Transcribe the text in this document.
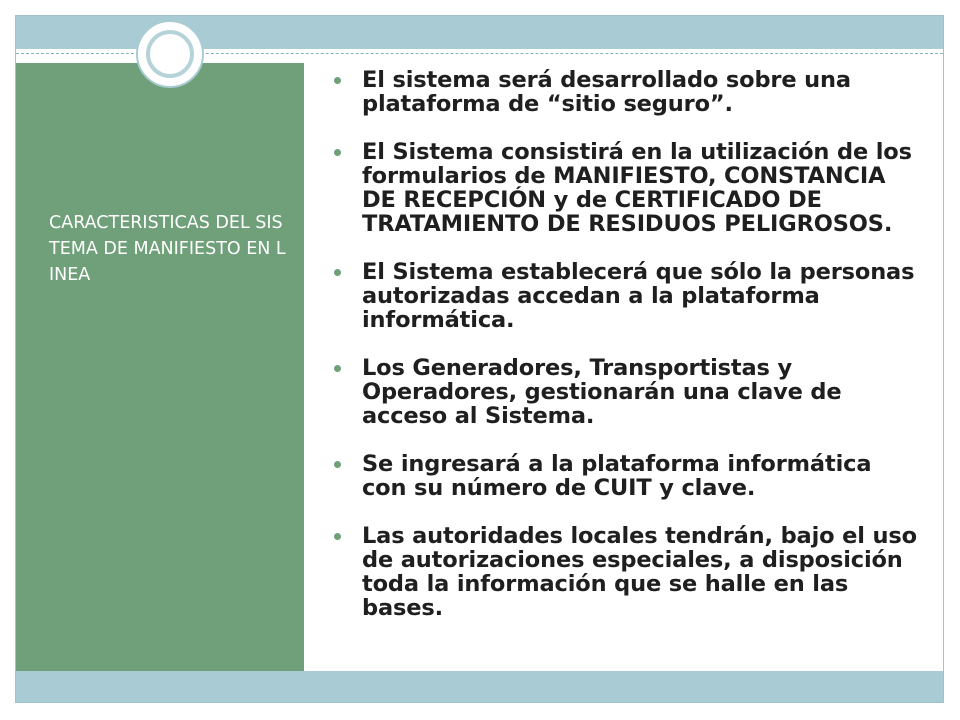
CARACTERISTICAS DEL SISTEMA DE MANIFIESTO EN LINEA
El sistema será desarrollado sobre una plataforma de “sitio seguro”.
El Sistema consistirá en la utilización de los formularios de MANIFIESTO, CONSTANCIA DE RECEPCIÓN y de CERTIFICADO DE TRATAMIENTO DE RESIDUOS PELIGROSOS.
El Sistema establecerá que sólo la personas autorizadas accedan a la plataforma informática.
Los Generadores, Transportistas y Operadores, gestionarán una clave de acceso al Sistema.
Se ingresará a la plataforma informática con su número de CUIT y clave.
Las autoridades locales tendrán, bajo el uso de autorizaciones especiales, a disposición toda la información que se halle en las bases.
